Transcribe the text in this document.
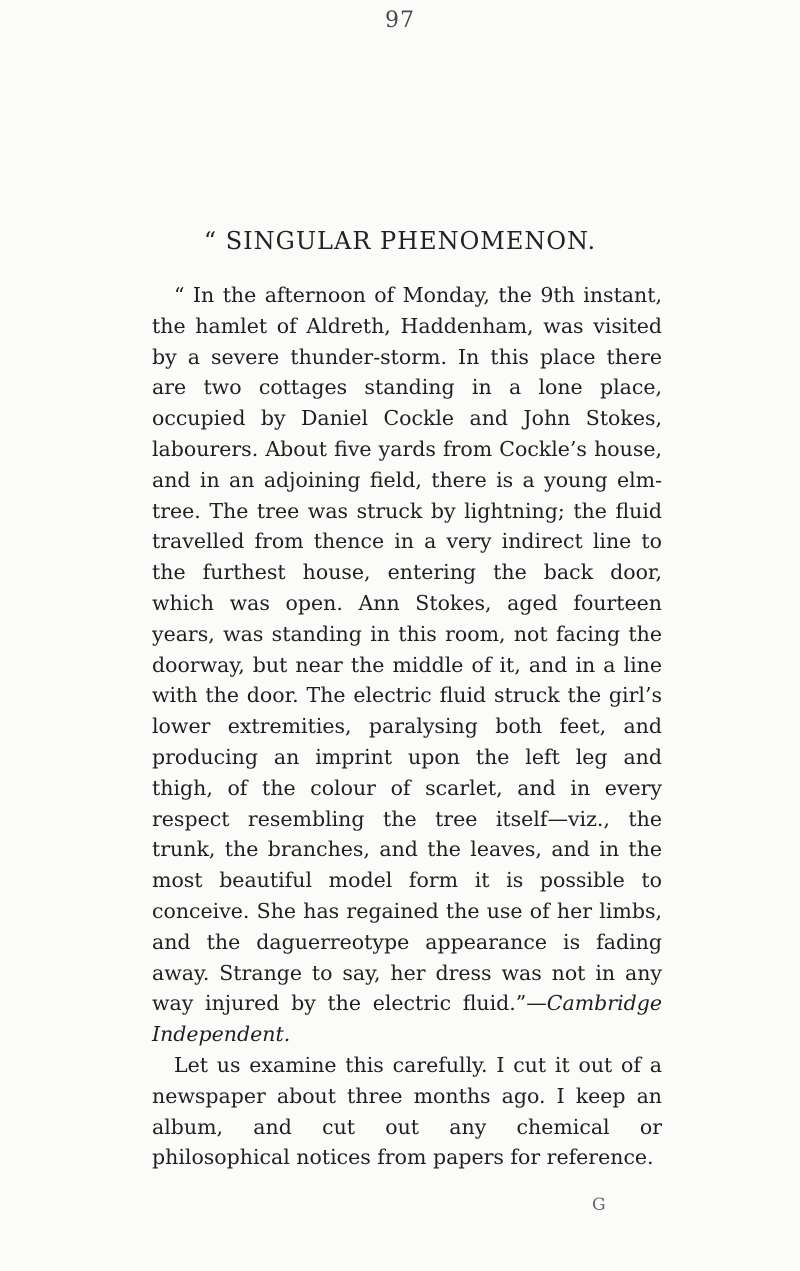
97
“ SINGULAR PHENOMENON.

“ In the afternoon of Monday, the 9th instant, the hamlet of Aldreth, Haddenham, was visited by a severe thunder-storm. In this place there are two cottages standing in a lone place, occupied by Daniel Cockle and John Stokes, labourers. About five yards from Cockle’s house, and in an adjoining field, there is a young elm-tree. The tree was struck by lightning; the fluid travelled from thence in a very indirect line to the furthest house, entering the back door, which was open. Ann Stokes, aged fourteen years, was standing in this room, not facing the doorway, but near the middle of it, and in a line with the door. The electric fluid struck the girl’s lower extremities, paralysing both feet, and producing an imprint upon the left leg and thigh, of the colour of scarlet, and in every respect resembling the tree itself—viz., the trunk, the branches, and the leaves, and in the most beautiful model form it is possible to conceive. She has regained the use of her limbs, and the daguerreotype appearance is fading away. Strange to say, her dress was not in any way injured by the electric fluid.”—Cambridge Independent.

Let us examine this carefully. I cut it out of a newspaper about three months ago. I keep an album, and cut out any chemical or philosophical notices from papers for reference.

G
